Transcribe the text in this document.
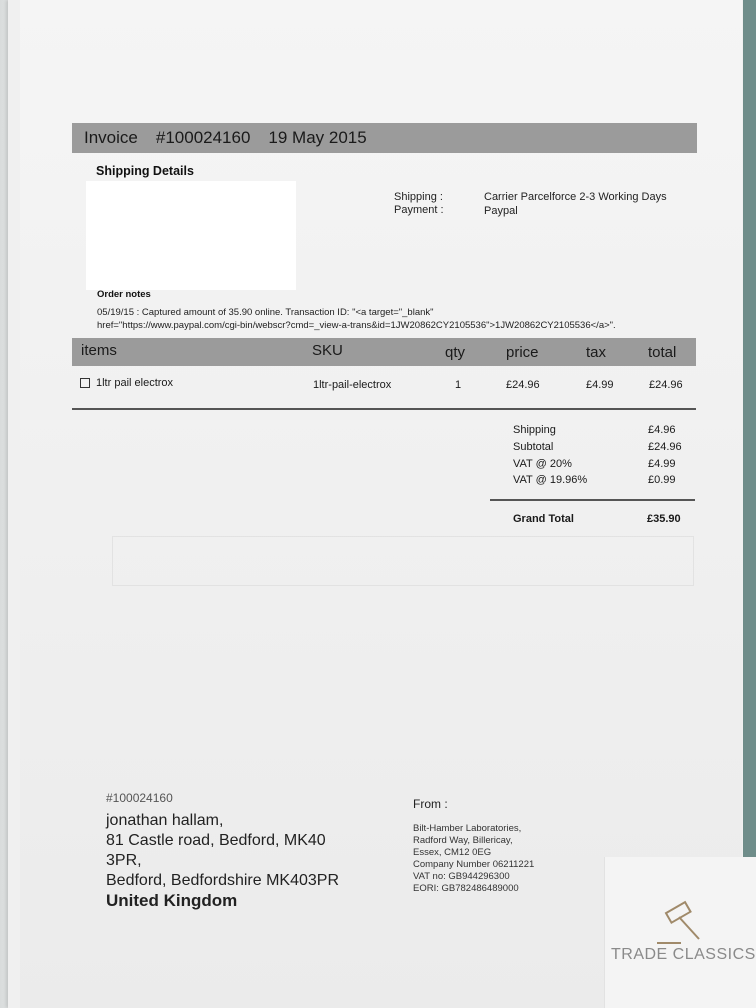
Invoice #100024160 19 May 2015
Shipping Details
Shipping :	Carrier Parcelforce 2-3 Working Days
Payment :	Paypal
Order notes
05/19/15 : Captured amount of 35.90 online. Transaction ID: "<a target="_blank"
href="https://www.paypal.com/cgi-bin/webscr?cmd=_view-a-trans&id=1JW20862CY2105536">1JW20862CY2105536</a>".
items	SKU	qty	price	tax	total
1ltr pail electrox	1ltr-pail-electrox	1	£24.96	£4.99	£24.96
Shipping	£4.96
Subtotal	£24.96
VAT @ 20%	£4.99
VAT @ 19.96%	£0.99
Grand Total	£35.90
#100024160
jonathan hallam,
81 Castle road, Bedford, MK40
3PR,
Bedford, Bedfordshire MK403PR
United Kingdom
From :
Bilt-Hamber Laboratories,
Radford Way, Billericay,
Essex, CM12 0EG
Company Number 06211221
VAT no: GB944296300
EORI: GB782486489000
TRADE CLASSICS
